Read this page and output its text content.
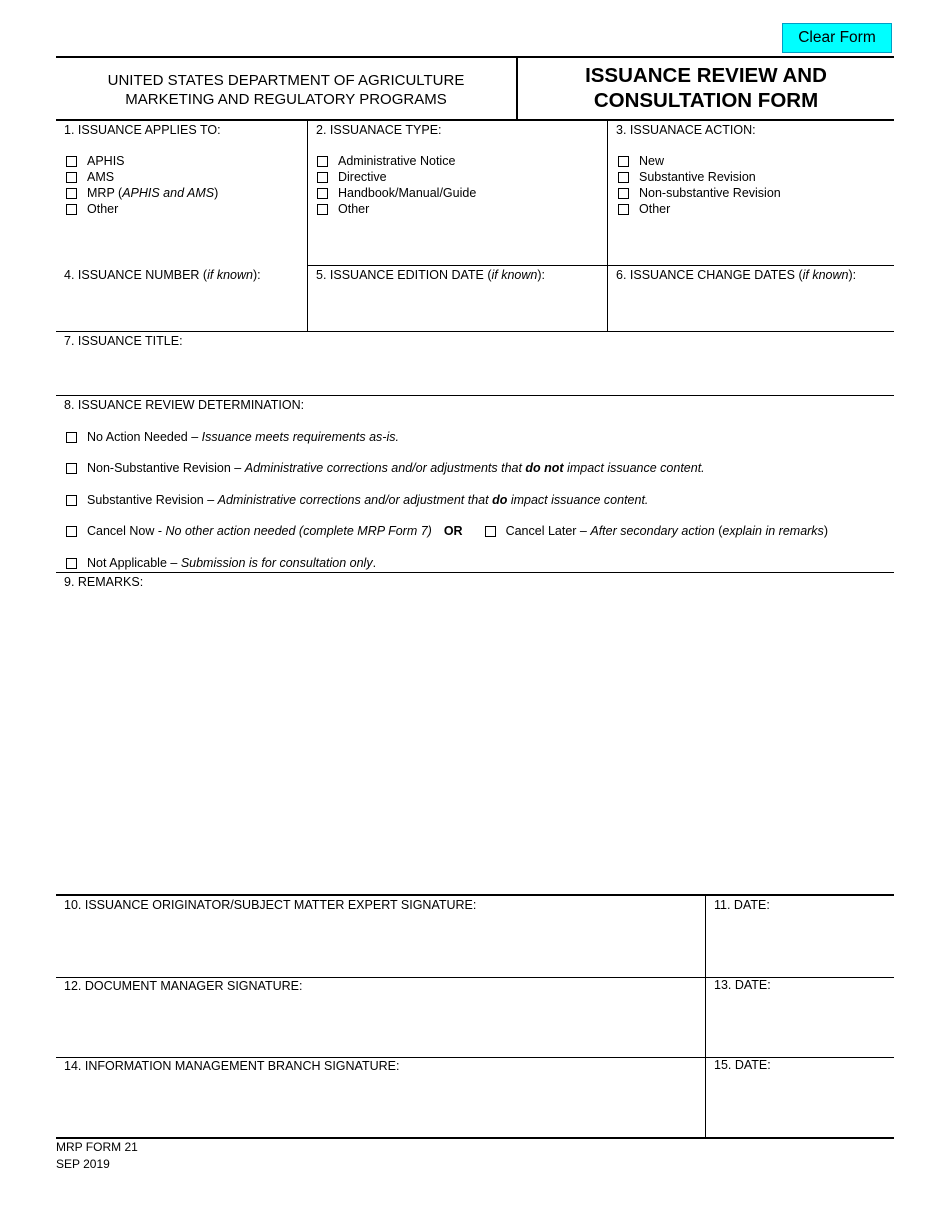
Clear Form
UNITED STATES DEPARTMENT OF AGRICULTURE
MARKETING AND REGULATORY PROGRAMS
ISSUANCE REVIEW AND
CONSULTATION FORM
1. ISSUANCE APPLIES TO:
APHIS
AMS
MRP (APHIS and AMS)
Other
2. ISSUANACE TYPE:
Administrative Notice
Directive
Handbook/Manual/Guide
Other
3. ISSUANACE ACTION:
New
Substantive Revision
Non-substantive Revision
Other
4. ISSUANCE NUMBER (if known):	5. ISSUANCE EDITION DATE (if known):	6. ISSUANCE CHANGE DATES (if known):
7. ISSUANCE TITLE:
8. ISSUANCE REVIEW DETERMINATION:
No Action Needed – Issuance meets requirements as-is.
Non-Substantive Revision – Administrative corrections and/or adjustments that do not impact issuance content.
Substantive Revision – Administrative corrections and/or adjustment that do impact issuance content.
Cancel Now - No other action needed (complete MRP Form 7) OR	Cancel Later – After secondary action (explain in remarks)
Not Applicable – Submission is for consultation only.
9. REMARKS:
10. ISSUANCE ORIGINATOR/SUBJECT MATTER EXPERT SIGNATURE:	11. DATE:
12. DOCUMENT MANAGER SIGNATURE:	13. DATE:
14. INFORMATION MANAGEMENT BRANCH SIGNATURE:	15. DATE:
MRP FORM 21
SEP 2019
